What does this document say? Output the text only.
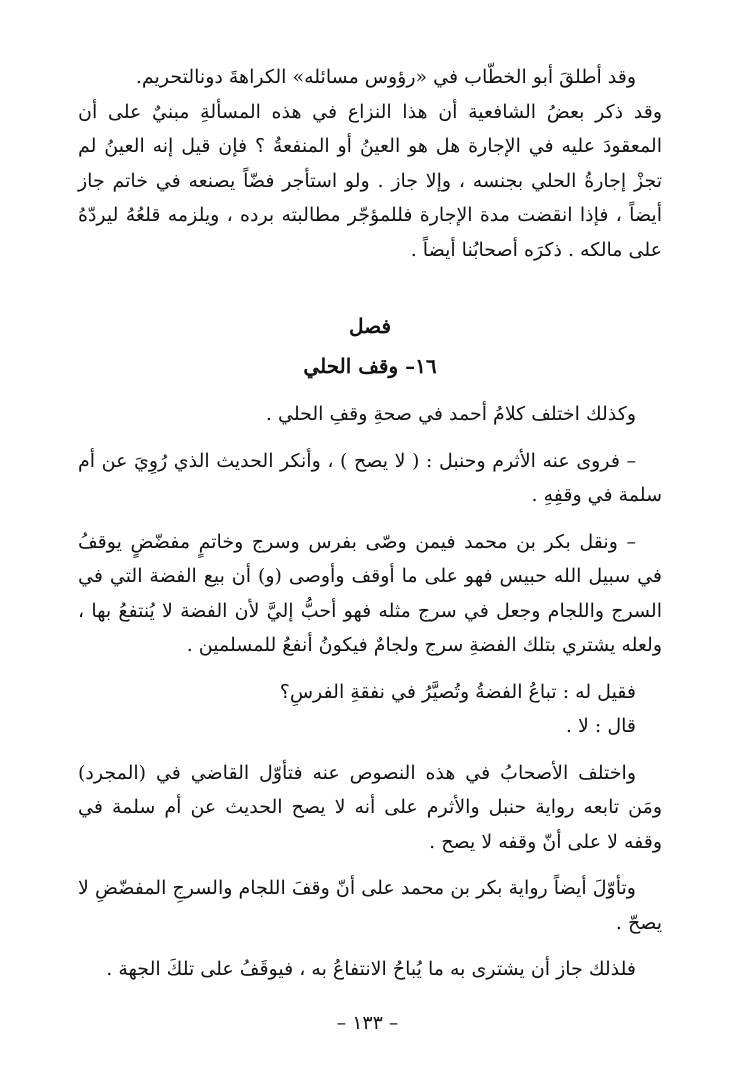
وقد أطلقَ أبو الخطّاب في «رؤوس مسائله» الكراهةَ دونالتحريم.

وقد ذكر بعضُ الشافعية أن هذا النزاع في هذه المسألةِ مبنيٌ على أن المعقودَ عليه في الإجارة هل هو العينُ أو المنفعةُ ؟ فإن قيل إنه العينُ لم تجزْ إجارةُ الحلي بجنسه ، وإلا جاز . ولو استأجر فضّاً يصنعه في خاتم جاز أيضاً ، فإذا انقضت مدة الإجارة فللمؤجّر مطالبته برده ، ويلزمه قلعُهُ ليردّهُ على مالكه . ذكرَه أصحابُنا أيضاً .

فصل

١٦– وقف الحلي

وكذلك اختلف كلامُ أحمد في صحةِ وقفِ الحلي .

– فروى عنه الأثرم وحنبل : ( لا يصح ) ، وأنكر الحديث الذي رُوِيَ عن أم سلمة في وقفِهِ .

– ونقل بكر بن محمد فيمن وصّى بفرس وسرج وخاتمٍ مفضّضٍ يوقفُ في سبيل الله حبيس فهو على ما أوقف وأوصى (و) أن بيع الفضة التي في السرج واللجام وجعل في سرج مثله فهو أحبُّ إليَّ لأن الفضة لا يُنتفعُ بها ، ولعله يشتري بتلك الفضةِ سرج ولجامٌ فيكونُ أنفعُ للمسلمين .

فقيل له : تباعُ الفضةُ وتُصيَّرُ في نفقةِ الفرسِ؟

قال : لا .

واختلف الأصحابُ في هذه النصوص عنه فتأوّل القاضي في (المجرد) ومَن تابعه رواية حنبل والأثرم على أنه لا يصح الحديث عن أم سلمة في وقفه لا على أنّ وقفه لا يصح .

وتأوّلَ أيضاً رواية بكر بن محمد على أنّ وقفَ اللجام والسرجِ المفضّضِ لا يصحّ .

فلذلك جاز أن يشترى به ما يُباحُ الانتفاعُ به ، فيوقَفُ على تلكَ الجهة .

– ١٣٣ –
